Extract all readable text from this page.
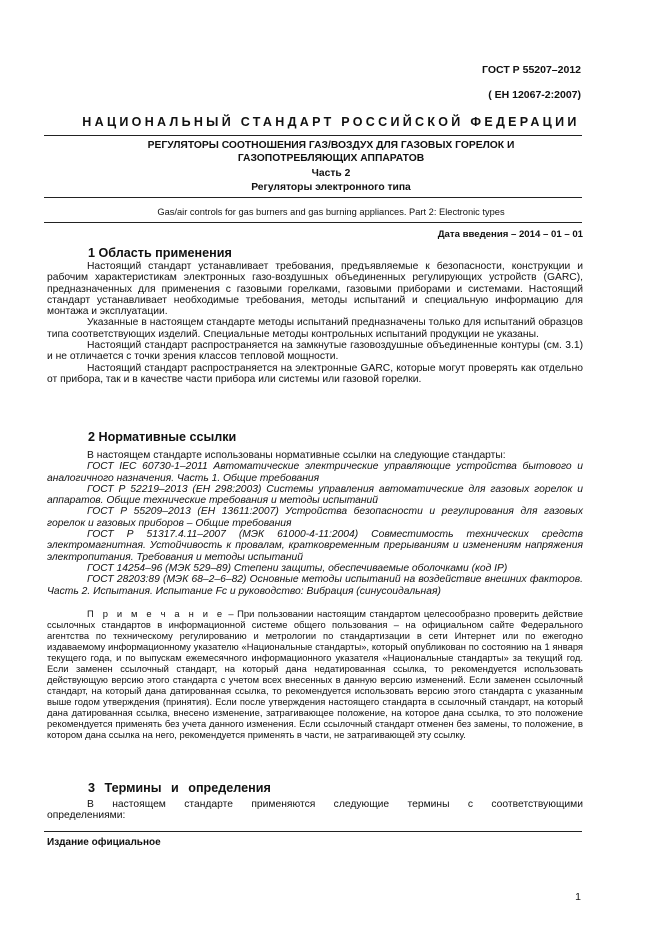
ГОСТ Р 55207–2012
( ЕН 12067-2:2007)
НАЦИОНАЛЬНЫЙ СТАНДАРТ РОССИЙСКОЙ ФЕДЕРАЦИИ
РЕГУЛЯТОРЫ СООТНОШЕНИЯ ГАЗ/ВОЗДУХ ДЛЯ ГАЗОВЫХ ГОРЕЛОК И
ГАЗОПОТРЕБЛЯЮЩИХ АППАРАТОВ
Часть 2
Регуляторы электронного типа
Gas/air controls for gas burners and gas burning appliances. Part 2: Electronic types
Дата введения – 2014 – 01 – 01
1 Область применения

Настоящий стандарт устанавливает требования, предъявляемые к безопасности, конструкции и рабочим характеристикам электронных газо-воздушных объединенных регулирующих устройств (GARC), предназначенных для применения с газовыми горелками, газовыми приборами и системами. Настоящий стандарт устанавливает необходимые требования, методы испытаний и специальную информацию для монтажа и эксплуатации.

Указанные в настоящем стандарте методы испытаний предназначены только для испытаний образцов типа соответствующих изделий. Специальные методы контрольных испытаний продукции не указаны.

Настоящий стандарт распространяется на замкнутые газовоздушные объединенные контуры (см. 3.1) и не отличается с точки зрения классов тепловой мощности.

Настоящий стандарт распространяется на электронные GARC, которые могут проверять как отдельно от прибора, так и в качестве части прибора или системы или газовой горелки.

2 Нормативные ссылки

В настоящем стандарте использованы нормативные ссылки на следующие стандарты:

ГОСТ IEC 60730-1–2011 Автоматические электрические управляющие устройства бытового и аналогичного назначения. Часть 1. Общие требования

ГОСТ Р 52219–2013 (ЕН 298:2003) Системы управления автоматические для газовых горелок и аппаратов. Общие технические требования и методы испытаний

ГОСТ Р 55209–2013 (ЕН 13611:2007) Устройства безопасности и регулирования для газовых горелок и газовых приборов – Общие требования

ГОСТ Р 51317.4.11–2007 (МЭК 61000-4-11:2004) Совместимость технических средств электромагнитная. Устойчивость к провалам, кратковременным прерываниям и изменениям напряжения электропитания. Требования и методы испытаний

ГОСТ 14254–96 (МЭК 529–89) Степени защиты, обеспечиваемые оболочками (код IP)

ГОСТ 28203:89 (МЭК 68–2–6–82) Основные методы испытаний на воздействие внешних факторов. Часть 2. Испытания. Испытание Fc и руководство: Вибрация (синусоидальная)

П р и м е ч а н и е – При пользовании настоящим стандартом целесообразно проверить действие ссылочных стандартов в информационной системе общего пользования – на официальном сайте Федерального агентства по техническому регулированию и метрологии по стандартизации в сети Интернет или по ежегодно издаваемому информационному указателю «Национальные стандарты», который опубликован по состоянию на 1 января текущего года, и по выпускам ежемесячного информационного указателя «Национальные стандарты» за текущий год. Если заменен ссылочный стандарт, на который дана недатированная ссылка, то рекомендуется использовать действующую версию этого стандарта с учетом всех внесенных в данную версию изменений. Если заменен ссылочный стандарт, на который дана датированная ссылка, то рекомендуется использовать версию этого стандарта с указанным выше годом утверждения (принятия). Если после утверждения настоящего стандарта в ссылочный стандарт, на который дана датированная ссылка, внесено изменение, затрагивающее положение, на которое дана ссылка, то это положение рекомендуется применять без учета данного изменения. Если ссылочный стандарт отменен без замены, то положение, в котором дана ссылка на него, рекомендуется применять в части, не затрагивающей эту ссылку.

3 Термины и определения

В настоящем стандарте применяются следующие термины с соответствующими определениями:

Издание официальное
1
